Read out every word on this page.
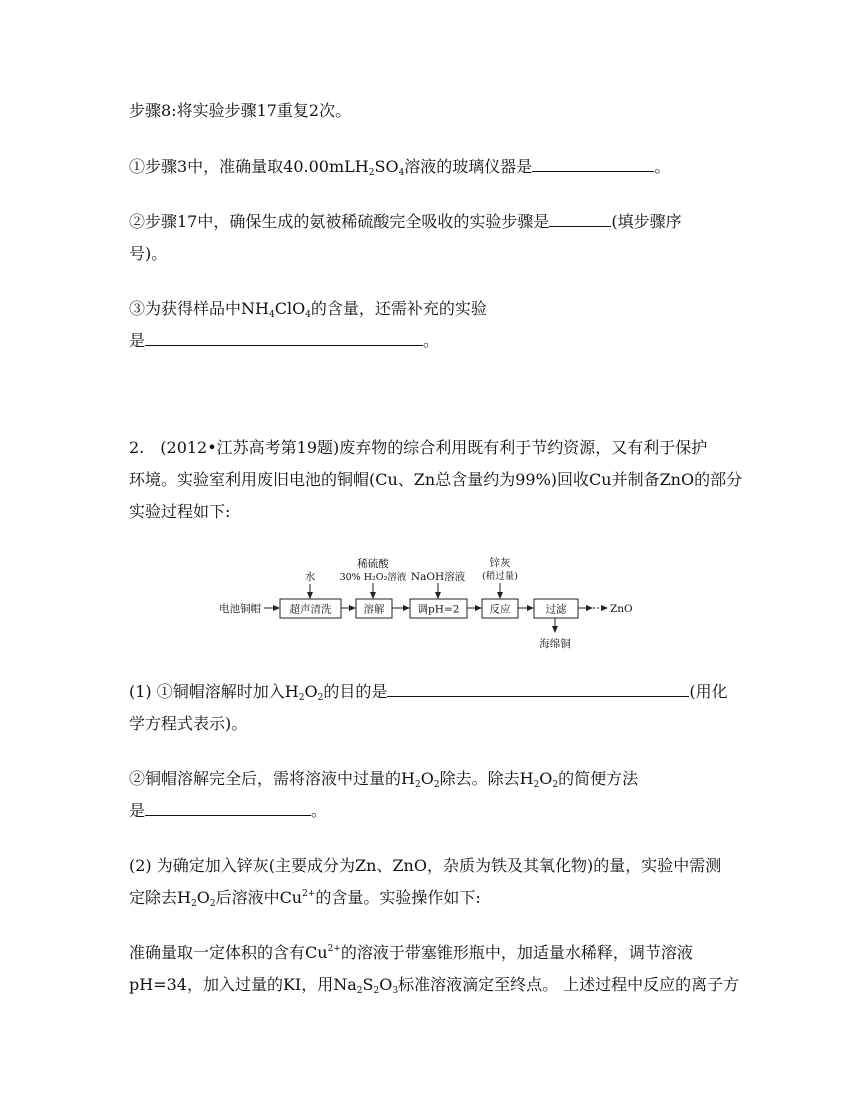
步骤8:将实验步骤17重复2次。
①步骤3中，准确量取$40.00mLH_2SO_4$溶液的玻璃仪器是	。
②步骤17中，确保生成的氨被稀硫酸完全吸收的实验步骤是	(填步骤序
号)。
③为获得样品中$NH_4ClO_4$的含量，还需补充的实验
是	。
2.　(2012•江苏高考第19题)废弃物的综合利用既有利于节约资源，又有利于保护
环境。实验室利用废旧电池的铜帽(Cu、Zn总含量约为99%)回收Cu并制备ZnO的部分
实验过程如下:
电池铜帽	超声清洗	溶解	调pH=2	反应	过滤	ZnO
水
稀硫酸
30% H₂O₂溶液 NaOH溶液
锌灰
(稍过量)
海绵铜
(1) ①铜帽溶解时加入$H_2O_2$的目的是	(用化
学方程式表示)。
②铜帽溶解完全后，需将溶液中过量的$H_2O_2$除去。除去$H_2O_2$的简便方法
是	。
(2) 为确定加入锌灰(主要成分为Zn、ZnO，杂质为铁及其氧化物)的量，实验中需测
定除去$H_2O_2$后溶液中$Cu^{2+}$的含量。实验操作如下:
准确量取一定体积的含有$Cu^{2+}$的溶液于带塞锥形瓶中，加适量水稀释，调节溶液
pH=34，加入过量的KI，用$Na_2S_2O_3$标准溶液滴定至终点。 上述过程中反应的离子方
